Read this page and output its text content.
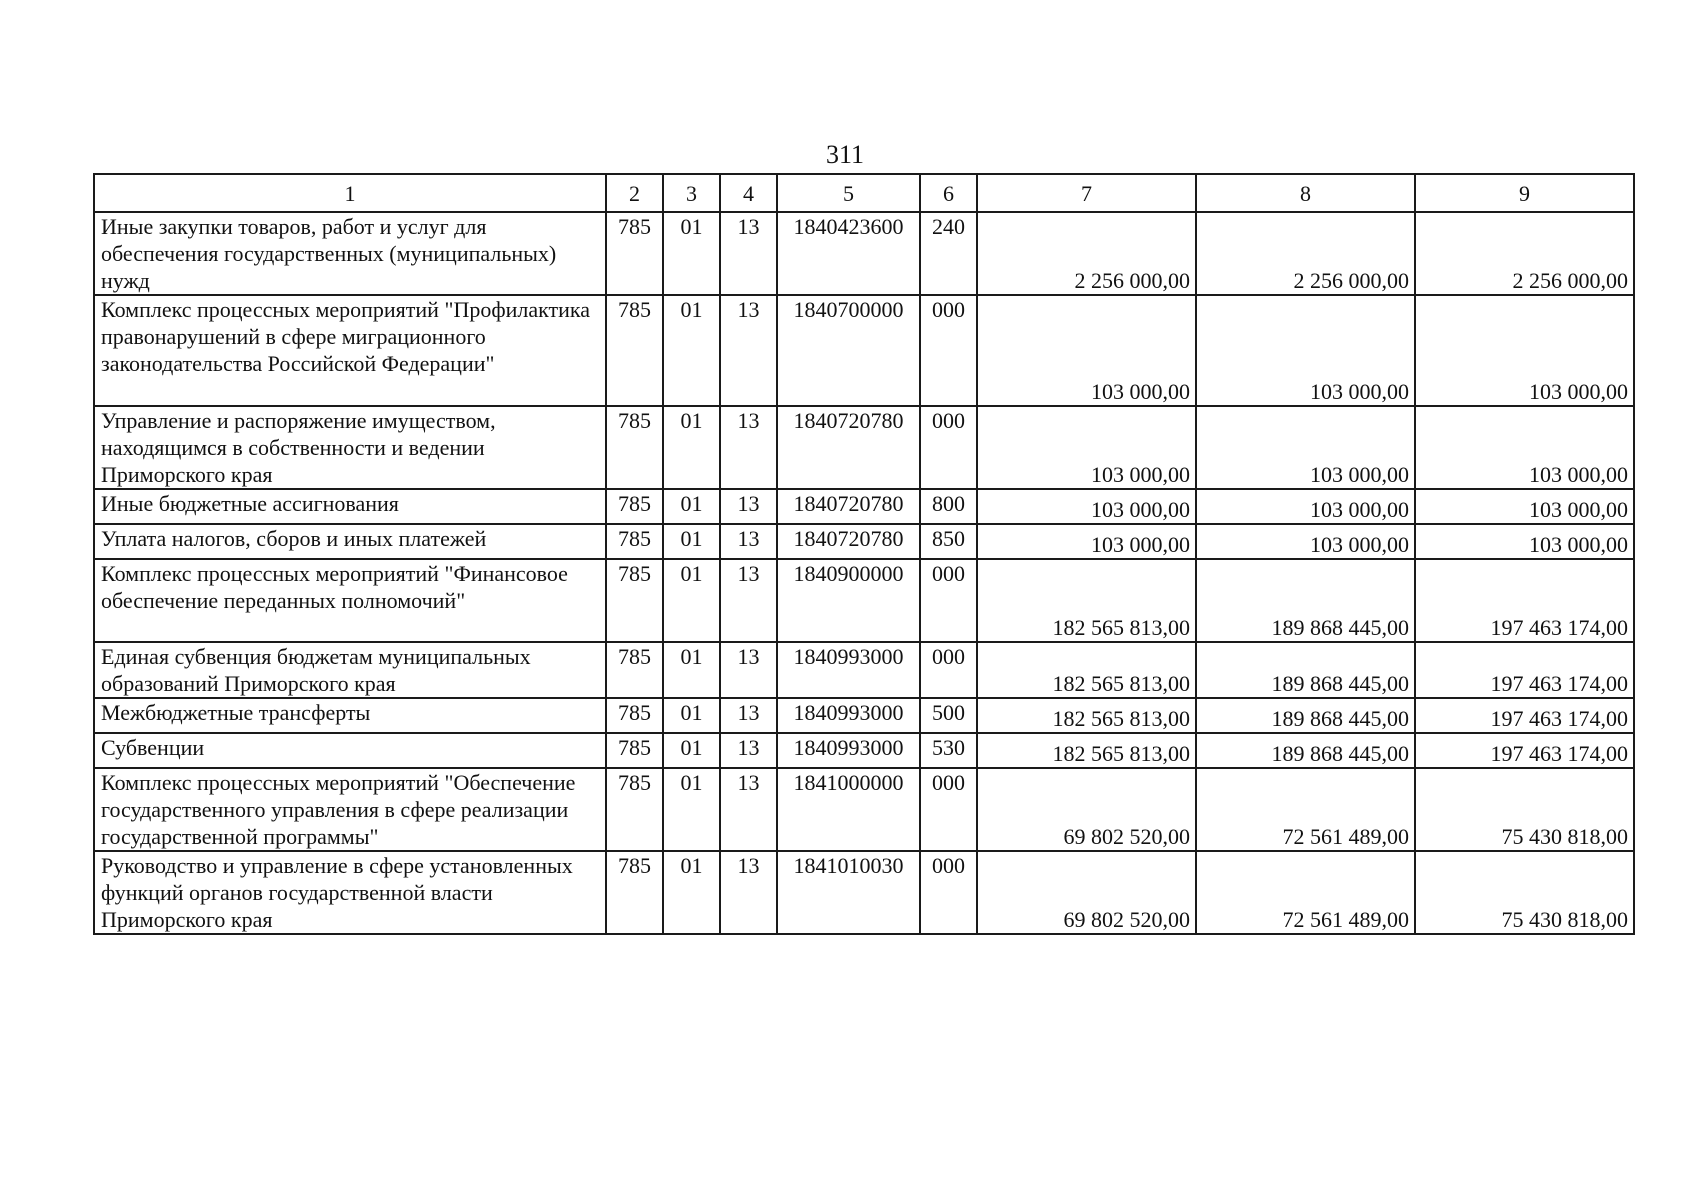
311
1	2	3	4	5	6	7	8	9
Иные закупки товаров, работ и услуг для обеспечения государственных (муниципальных) нужд	785	01	13	1840423600	240	2 256 000,00	2 256 000,00	2 256 000,00
Комплекс процессных мероприятий "Профилактика правонарушений в сфере миграционного законодательства Российской Федерации"	785	01	13	1840700000	000	103 000,00	103 000,00	103 000,00
Управление и распоряжение имуществом, находящимся в собственности и ведении Приморского края	785	01	13	1840720780	000	103 000,00	103 000,00	103 000,00
Иные бюджетные ассигнования	785	01	13	1840720780	800	103 000,00	103 000,00	103 000,00
Уплата налогов, сборов и иных платежей	785	01	13	1840720780	850	103 000,00	103 000,00	103 000,00
Комплекс процессных мероприятий "Финансовое обеспечение переданных полномочий"	785	01	13	1840900000	000	182 565 813,00	189 868 445,00	197 463 174,00
Единая субвенция бюджетам муниципальных образований Приморского края	785	01	13	1840993000	000	182 565 813,00	189 868 445,00	197 463 174,00
Межбюджетные трансферты	785	01	13	1840993000	500	182 565 813,00	189 868 445,00	197 463 174,00
Субвенции	785	01	13	1840993000	530	182 565 813,00	189 868 445,00	197 463 174,00
Комплекс процессных мероприятий "Обеспечение государственного управления в сфере реализации государственной программы"	785	01	13	1841000000	000	69 802 520,00	72 561 489,00	75 430 818,00
Руководство и управление в сфере установленных функций органов государственной власти Приморского края	785	01	13	1841010030	000	69 802 520,00	72 561 489,00	75 430 818,00
